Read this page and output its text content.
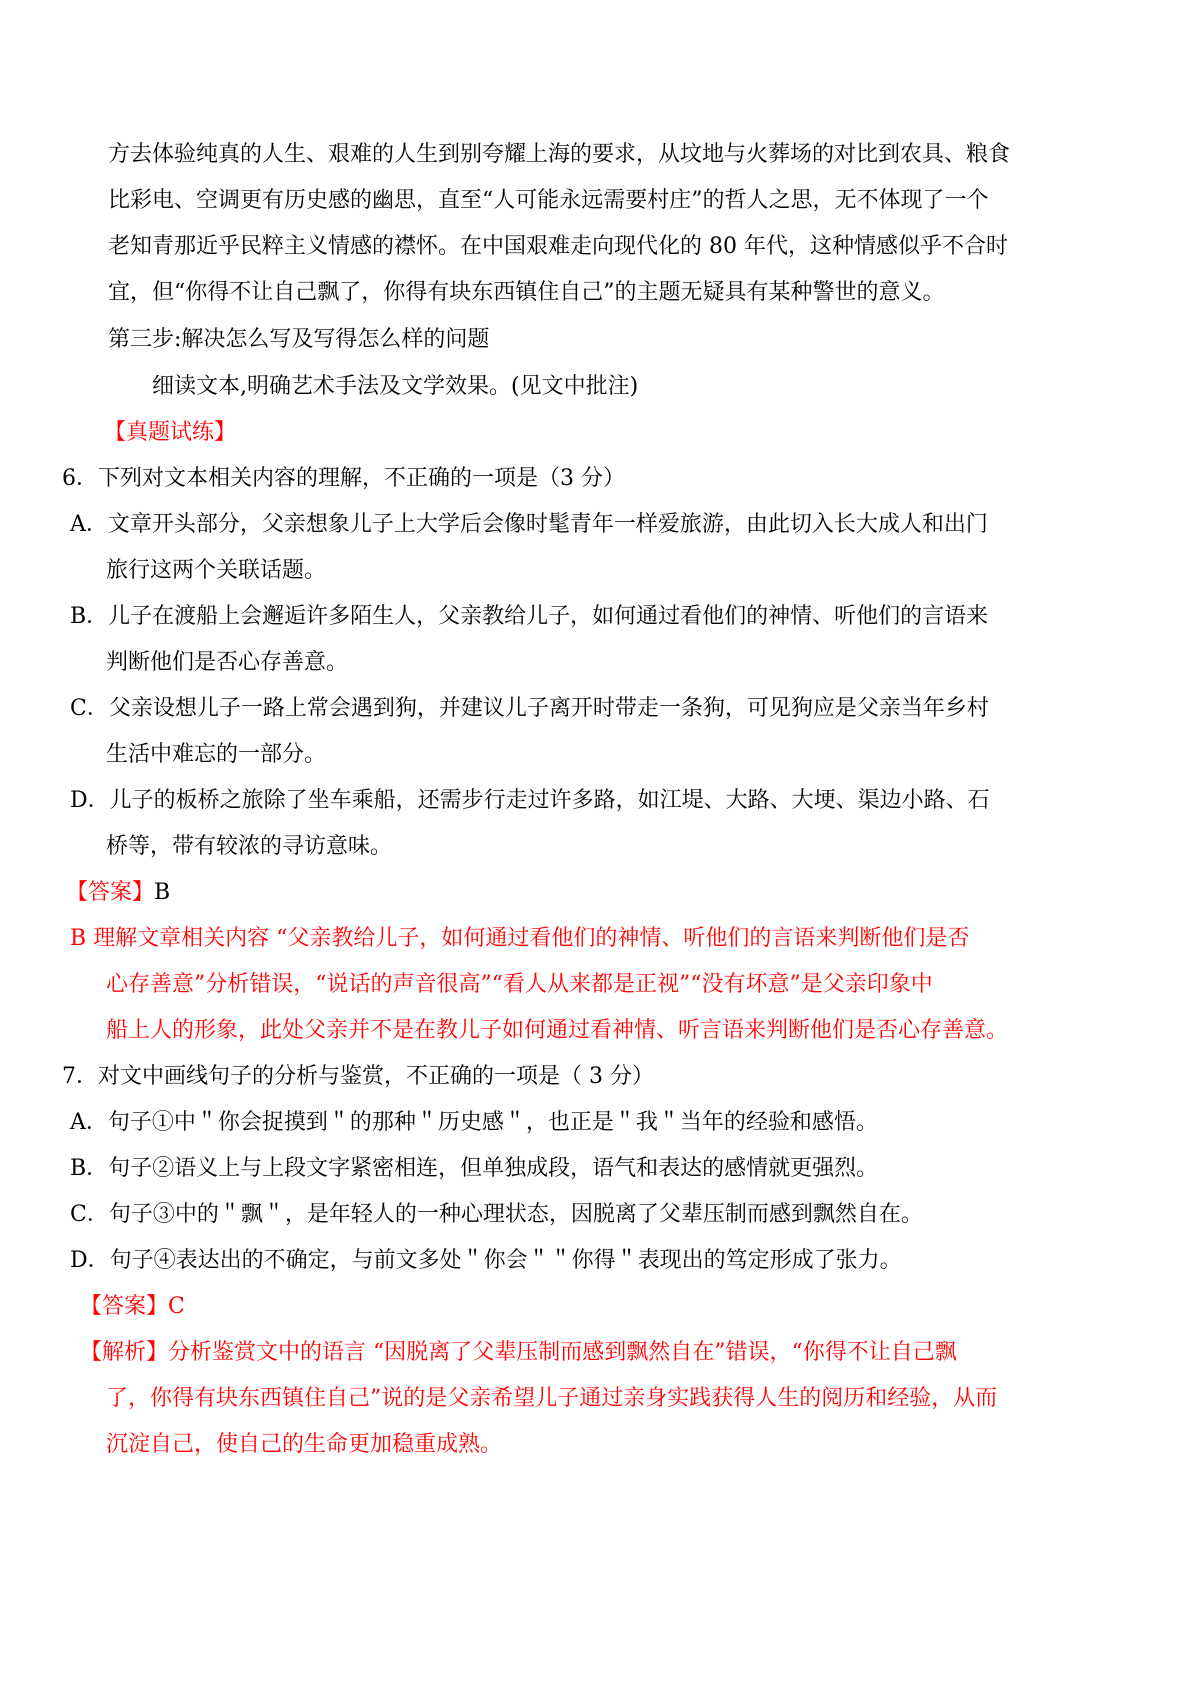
方去体验纯真的人生、艰难的人生到别夸耀上海的要求，从坟地与火葬场的对比到农具、粮食
比彩电、空调更有历史感的幽思，直至“人可能永远需要村庄”的哲人之思，无不体现了一个
老知青那近乎民粹主义情感的襟怀。在中国艰难走向现代化的 80 年代，这种情感似乎不合时
宜，但“你得不让自己飘了，你得有块东西镇住自己”的主题无疑具有某种警世的意义。
第三步:解决怎么写及写得怎么样的问题
细读文本,明确艺术手法及文学效果。(见文中批注)
【真题试练】
6．下列对文本相关内容的理解，不正确的一项是（3 分）
A．文章开头部分，父亲想象儿子上大学后会像时髦青年一样爱旅游，由此切入长大成人和出门
旅行这两个关联话题。
B．儿子在渡船上会邂逅许多陌生人，父亲教给儿子，如何通过看他们的神情、听他们的言语来
判断他们是否心存善意。
C．父亲设想儿子一路上常会遇到狗，并建议儿子离开时带走一条狗，可见狗应是父亲当年乡村
生活中难忘的一部分。
D．儿子的板桥之旅除了坐车乘船，还需步行走过许多路，如江堤、大路、大埂、渠边小路、石
桥等，带有较浓的寻访意味。
【答案】B
B 理解文章相关内容 “父亲教给儿子，如何通过看他们的神情、听他们的言语来判断他们是否
心存善意”分析错误，“说话的声音很高”“看人从来都是正视”“没有坏意”是父亲印象中
船上人的形象，此处父亲并不是在教儿子如何通过看神情、听言语来判断他们是否心存善意。
7．对文中画线句子的分析与鉴赏，不正确的一项是（ 3 分）
A．句子①中＂你会捉摸到＂的那种＂历史感＂，也正是＂我＂当年的经验和感悟。
B．句子②语义上与上段文字紧密相连，但单独成段，语气和表达的感情就更强烈。
C．句子③中的＂飘＂，是年轻人的一种心理状态，因脱离了父辈压制而感到飘然自在。
D．句子④表达出的不确定，与前文多处＂你会＂＂你得＂表现出的笃定形成了张力。
【答案】C
【解析】分析鉴赏文中的语言 “因脱离了父辈压制而感到飘然自在”错误，“你得不让自己飘
了，你得有块东西镇住自己”说的是父亲希望儿子通过亲身实践获得人生的阅历和经验，从而
沉淀自己，使自己的生命更加稳重成熟。
